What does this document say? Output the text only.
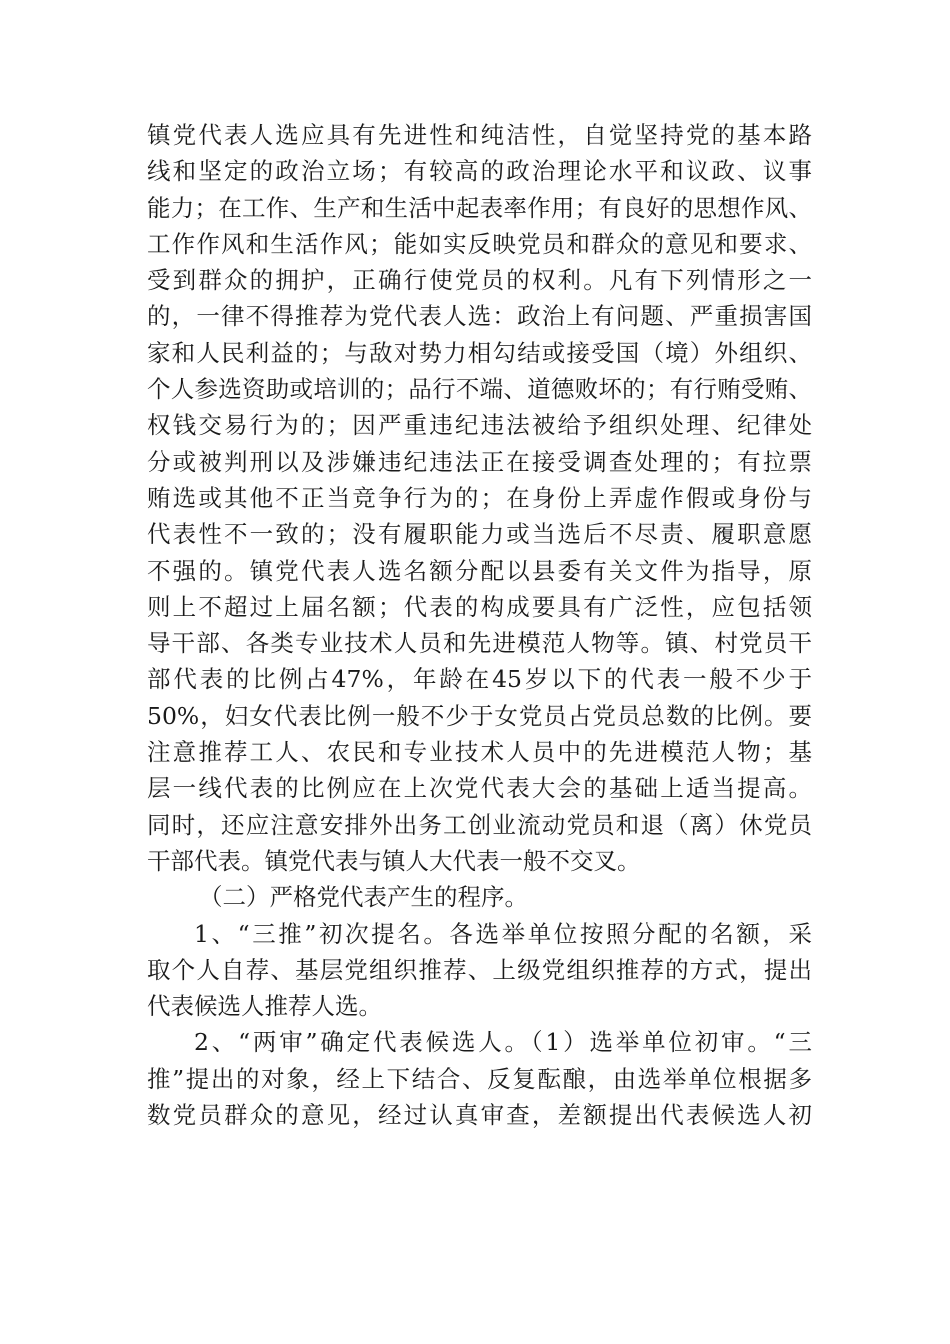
镇党代表人选应具有先进性和纯洁性，自觉坚持党的基本路
线和坚定的政治立场；有较高的政治理论水平和议政、议事
能力；在工作、生产和生活中起表率作用；有良好的思想作风、
工作作风和生活作风；能如实反映党员和群众的意见和要求、
受到群众的拥护，正确行使党员的权利。凡有下列情形之一
的，一律不得推荐为党代表人选：政治上有问题、严重损害国
家和人民利益的；与敌对势力相勾结或接受国（境）外组织、
个人参选资助或培训的；品行不端、道德败坏的；有行贿受贿、
权钱交易行为的；因严重违纪违法被给予组织处理、纪律处
分或被判刑以及涉嫌违纪违法正在接受调查处理的；有拉票
贿选或其他不正当竞争行为的；在身份上弄虚作假或身份与
代表性不一致的；没有履职能力或当选后不尽责、履职意愿
不强的。镇党代表人选名额分配以县委有关文件为指导，原
则上不超过上届名额；代表的构成要具有广泛性，应包括领
导干部、各类专业技术人员和先进模范人物等。镇、村党员干
部代表的比例占47%，年龄在45岁以下的代表一般不少于
50%，妇女代表比例一般不少于女党员占党员总数的比例。要
注意推荐工人、农民和专业技术人员中的先进模范人物；基
层一线代表的比例应在上次党代表大会的基础上适当提高。
同时，还应注意安排外出务工创业流动党员和退（离）休党员
干部代表。镇党代表与镇人大代表一般不交叉。
（二）严格党代表产生的程序。
1、“三推”初次提名。各选举单位按照分配的名额，采
取个人自荐、基层党组织推荐、上级党组织推荐的方式，提出
代表候选人推荐人选。
2、“两审”确定代表候选人。（1）选举单位初审。“三
推”提出的对象，经上下结合、反复酝酿，由选举单位根据多
数党员群众的意见，经过认真审查，差额提出代表候选人初
